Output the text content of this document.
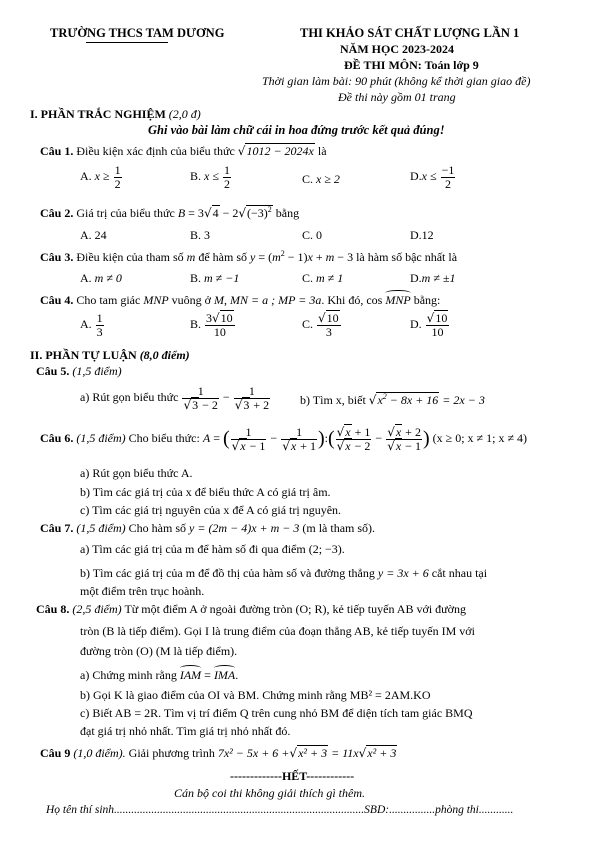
TRƯỜNG THCS TAM DƯƠNG	THI KHẢO SÁT CHẤT LƯỢNG LẦN 1
NĂM HỌC 2023-2024
ĐỀ THI MÔN: Toán lớp 9
Thời gian làm bài: 90 phút (không kể thời gian giao đề)
Đề thi này gồm 01 trang
I. PHẦN TRẮC NGHIỆM (2,0 đ)
Ghi vào bài làm chữ cái in hoa đứng trước kết quả đúng!
Câu 1. Điều kiện xác định của biểu thức √1012 − 2024x là
A. $x \ge \frac{1}{2}$	B. $x \le \frac{1}{2}$	C. x ≥ 2	$D.x \le \frac{-1}{2}$
Câu 2. Giá trị của biểu thức $B = 3√4 - 2√(-3)^2$ bằng
A. 24	B. 3	C. 0	D.12
Câu 3. Điều kiện của tham số m để hàm số $y = (m^2 - 1)x + m - 3$ là hàm số bậc nhất là
A. m ≠ 0	B. m ≠ −1	C. m ≠ 1	D.m ≠ ±1
Câu 4. Cho tam giác MNP vuông ở M, MN = a ; MP = 3a. Khi đó, cos MNP bằng:
A. $\frac{1}{3}$	B. $\frac{3√10}{10}$	C. $\frac{√10}{3}$	D. $\frac{√10}{10}$
II. PHẦN TỰ LUẬN (8,0 điểm)
Câu 5. (1,5 điểm)
a) Rút gọn biểu thức $\frac{1}{√3 - 2} - \frac{1}{√3 + 2} b$) Tìm x, biết $√x^2 - 8x + 16 = 2x - 3$
Câu 6. (1,5 điểm) Cho biểu thức: A = ( $\frac{1}{√x - 1} - \frac{1}{√x + 1}$ ):( $\frac{√x + 1}{√x - 2} - \frac{√x + 2}{√x - 1}$ ) (x ≥ 0; x ≠ 1; x ≠ 4)
a) Rút gọn biểu thức A.
b) Tìm các giá trị của x để biểu thức A có giá trị âm.
c) Tìm các giá trị nguyên của x để A có giá trị nguyên.
Câu 7. (1,5 điểm) Cho hàm số y = (2m − 4)x + m − 3 (m là tham số).
a) Tìm các giá trị của m để hàm số đi qua điểm (2; −3).
b) Tìm các giá trị của m để đồ thị của hàm số và đường thẳng y = 3x + 6 cắt nhau tại
một điểm trên trục hoành.
Câu 8. (2,5 điểm) Từ một điểm A ở ngoài đường tròn (O; R), kẻ tiếp tuyến AB với đường
tròn (B là tiếp điểm). Gọi I là trung điểm của đoạn thẳng AB, kẻ tiếp tuyến IM với
đường tròn (O) (M là tiếp điểm).
a) Chứng minh rằng IAM = IMA.
b) Gọi K là giao điểm của OI và BM. Chứng minh rằng MB² = 2AM.KO
c) Biết AB = 2R. Tìm vị trí điểm Q trên cung nhỏ BM để diện tích tam giác BMQ
đạt giá trị nhỏ nhất. Tìm giá trị nhỏ nhất đó.
Câu 9 (1,0 điểm). Giải phương trình 7x² − 5x + 6 +√x² + 3 = 11x√x² + 3
-------------HẾT------------
Cán bộ coi thi không giải thích gì thêm.
Họ tên thí sinh.......................................................................................SBD:................phòng thi............
